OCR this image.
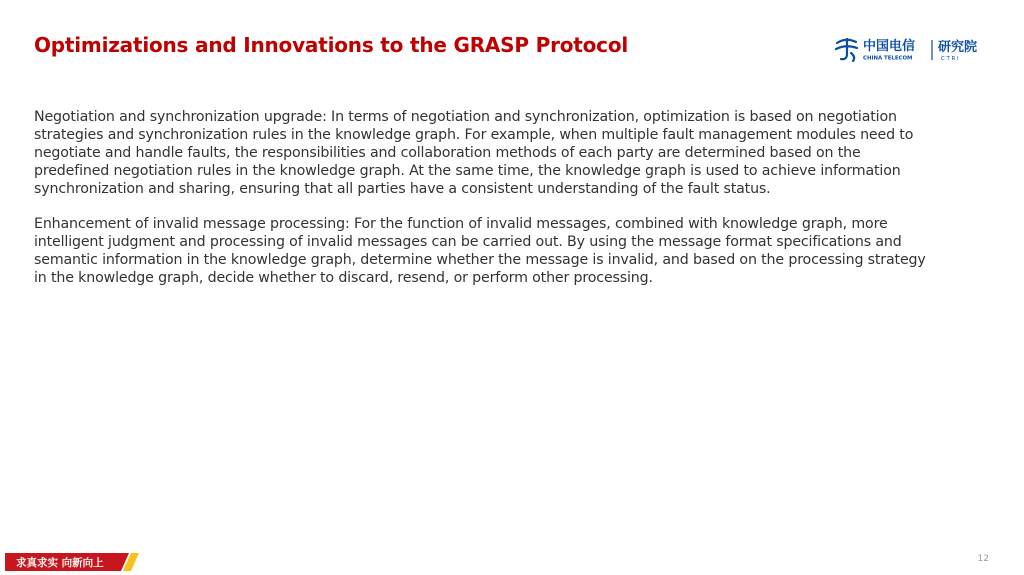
Optimizations and Innovations to the GRASP Protocol	中国电信
CHINA TELECOM
研究院
C T R I

Negotiation and synchronization upgrade: In terms of negotiation and synchronization, optimization is based on negotiation strategies and synchronization rules in the knowledge graph. For example, when multiple fault management modules need to negotiate and handle faults, the responsibilities and collaboration methods of each party are determined based on the predefined negotiation rules in the knowledge graph. At the same time, the knowledge graph is used to achieve information synchronization and sharing, ensuring that all parties have a consistent understanding of the fault status.

Enhancement of invalid message processing: For the function of invalid messages, combined with knowledge graph, more intelligent judgment and processing of invalid messages can be carried out. By using the message format specifications and semantic information in the knowledge graph, determine whether the message is invalid, and based on the processing strategy in the knowledge graph, decide whether to discard, resend, or perform other processing.

求真求实 向新向上	12
